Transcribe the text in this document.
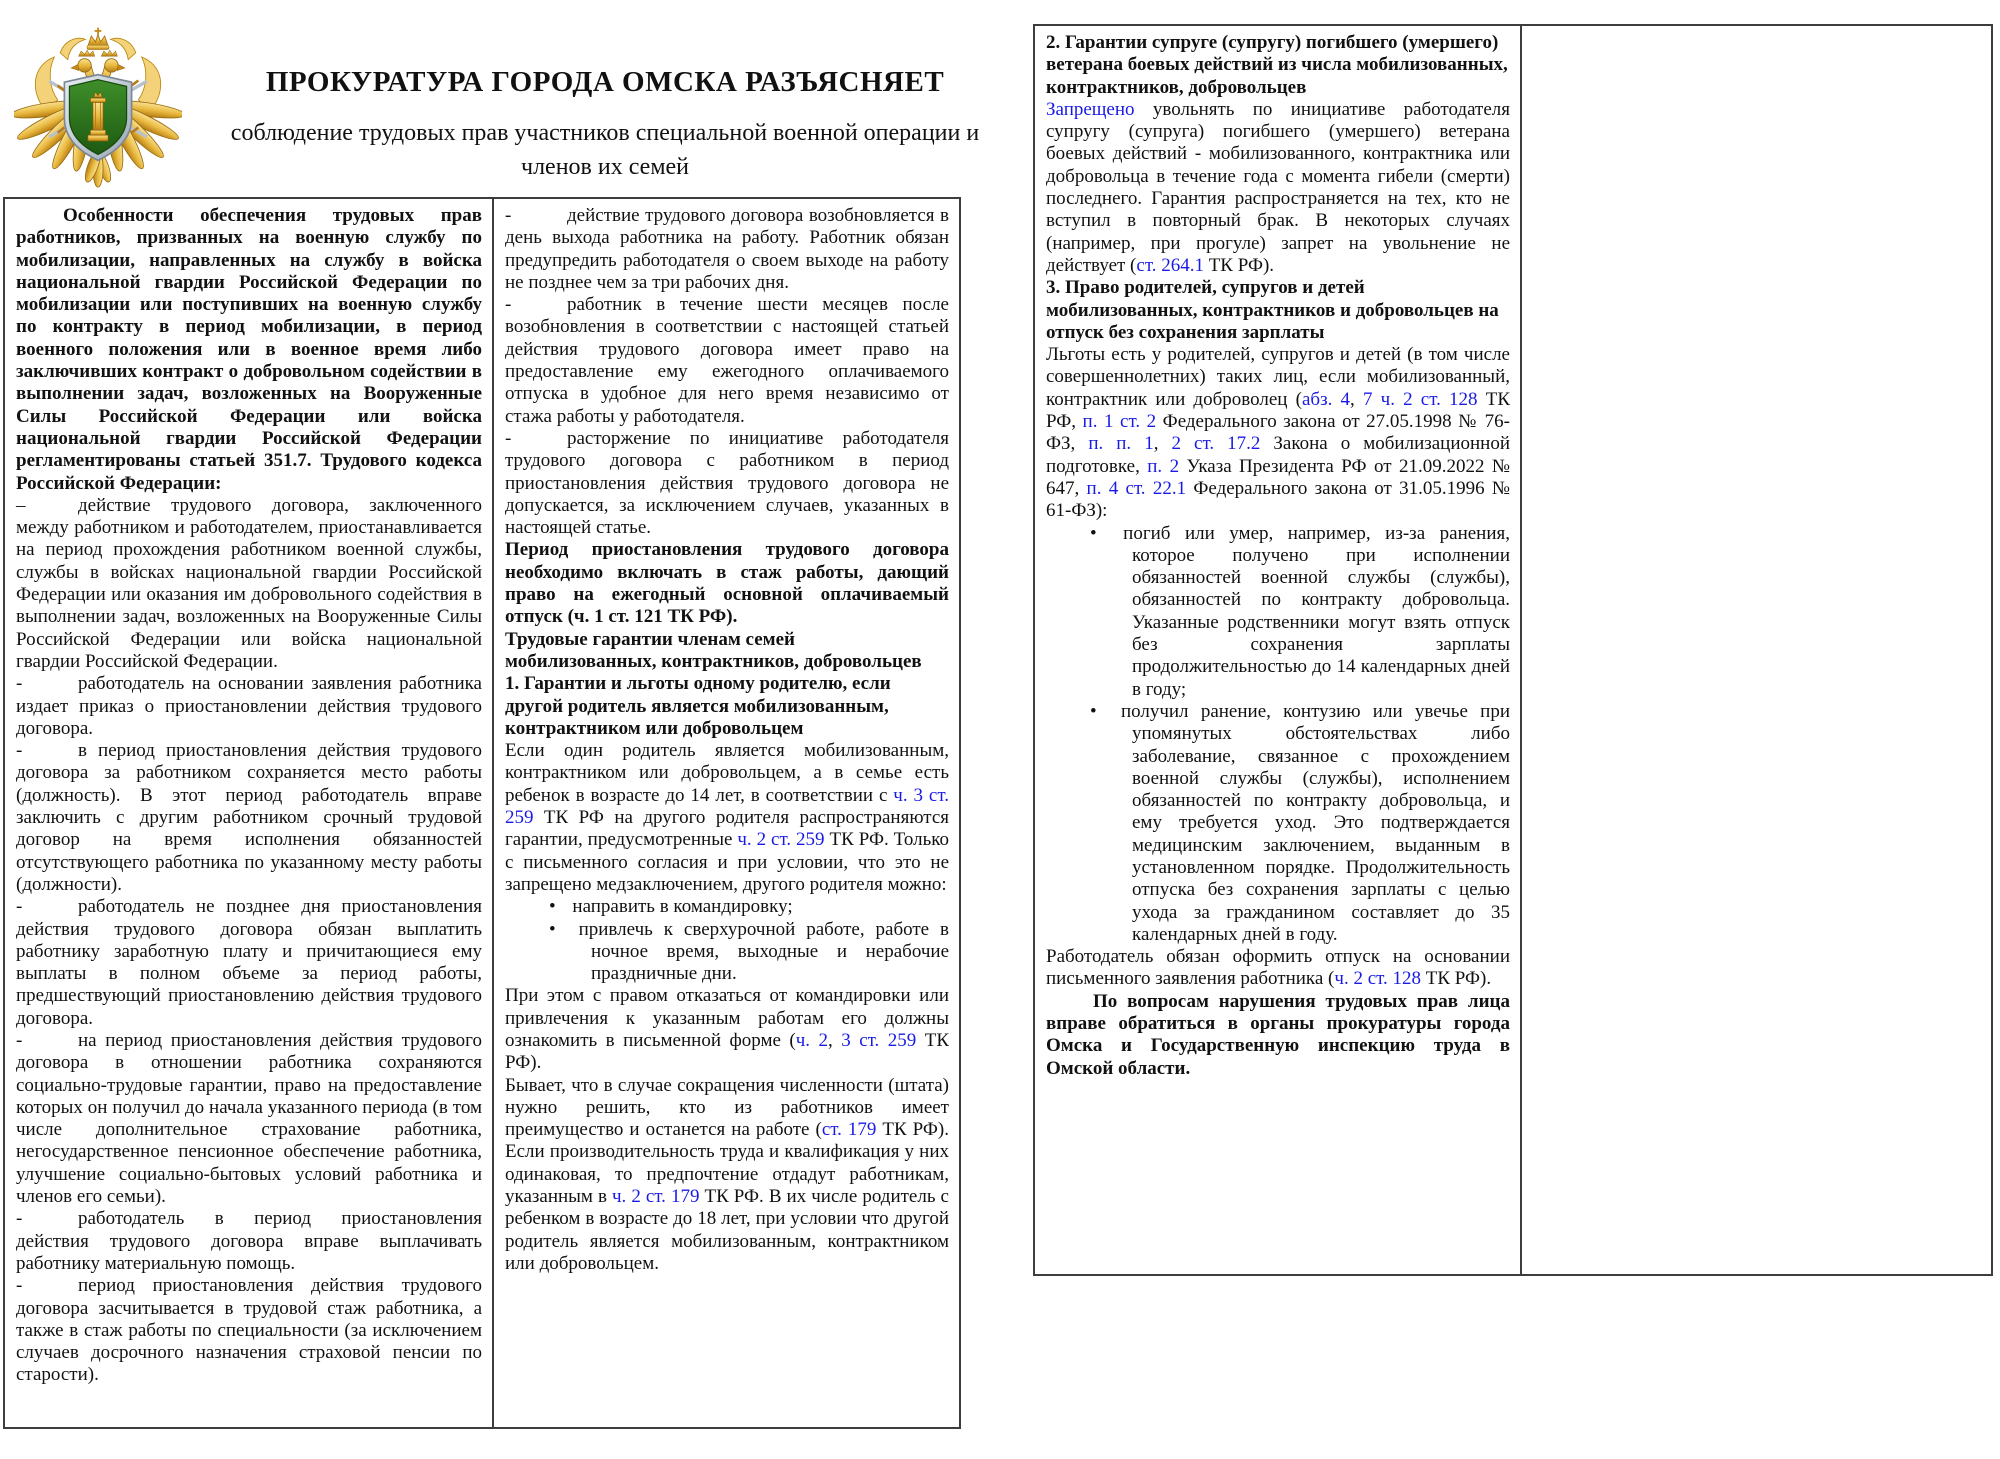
ПРОКУРАТУРА ГОРОДА ОМСКА РАЗЪЯСНЯЕТ
соблюдение трудовых прав участников специальной военной операции и
членов их семей
Особенности обеспечения трудовых прав работников, призванных на военную службу по мобилизации, направленных на службу в войска национальной гвардии Российской Федерации по мобилизации или поступивших на военную службу по контракту в период мобилизации, в период военного положения или в военное время либо заключивших контракт о добровольном содействии в выполнении задач, возложенных на Вооруженные Силы Российской Федерации или войска национальной гвардии Российской Федерации регламентированы статьей 351.7. Трудового кодекса Российской Федерации:
–	действие трудового договора, заключенного между работником и работодателем, приостанавливается на период прохождения работником военной службы, службы в войсках национальной гвардии Российской Федерации или оказания им добровольного содействия в выполнении задач, возложенных на Вооруженные Силы Российской Федерации или войска национальной гвардии Российской Федерации.
-	работодатель на основании заявления работника издает приказ о приостановлении действия трудового договора.
-	в период приостановления действия трудового договора за работником сохраняется место работы (должность). В этот период работодатель вправе заключить с другим работником срочный трудовой договор на время исполнения обязанностей отсутствующего работника по указанному месту работы (должности).
-	работодатель не позднее дня приостановления действия трудового договора обязан выплатить работнику заработную плату и причитающиеся ему выплаты в полном объеме за период работы, предшествующий приостановлению действия трудового договора.
-	на период приостановления действия трудового договора в отношении работника сохраняются социально-трудовые гарантии, право на предоставление которых он получил до начала указанного периода (в том числе дополнительное страхование работника, негосударственное пенсионное обеспечение работника, улучшение социально-бытовых условий работника и членов его семьи).
-	работодатель в период приостановления действия трудового договора вправе выплачивать работнику материальную помощь.
-	период приостановления действия трудового договора засчитывается в трудовой стаж работника, а также в стаж работы по специальности (за исключением случаев досрочного назначения страховой пенсии по старости).
-	действие трудового договора возобновляется в день выхода работника на работу. Работник обязан предупредить работодателя о своем выходе на работу не позднее чем за три рабочих дня.
-	работник в течение шести месяцев после возобновления в соответствии с настоящей статьей действия трудового договора имеет право на предоставление ему ежегодного оплачиваемого отпуска в удобное для него время независимо от стажа работы у работодателя.
-	расторжение по инициативе работодателя трудового договора с работником в период приостановления действия трудового договора не допускается, за исключением случаев, указанных в настоящей статье.
Период приостановления трудового договора необходимо включать в стаж работы, дающий право на ежегодный основной оплачиваемый отпуск (ч. 1 ст. 121 ТК РФ).
Трудовые гарантии членам семей мобилизованных, контрактников, добровольцев
1. Гарантии и льготы одному родителю, если другой родитель является мобилизованным, контрактником или добровольцем
Если один родитель является мобилизованным, контрактником или добровольцем, а в семье есть ребенок в возрасте до 14 лет, в соответствии с ч. 3 ст. 259 ТК РФ на другого родителя распространяются гарантии, предусмотренные ч. 2 ст. 259 ТК РФ. Только с письменного согласия и при условии, что это не запрещено медзаключением, другого родителя можно:
• направить в командировку;
• привлечь к сверхурочной работе, работе в ночное время, выходные и нерабочие праздничные дни.
При этом с правом отказаться от командировки или привлечения к указанным работам его должны ознакомить в письменной форме (ч. 2, 3 ст. 259 ТК РФ).
Бывает, что в случае сокращения численности (штата) нужно решить, кто из работников имеет преимущество и останется на работе (ст. 179 ТК РФ). Если производительность труда и квалификация у них одинаковая, то предпочтение отдадут работникам, указанным в ч. 2 ст. 179 ТК РФ. В их числе родитель с ребенком в возрасте до 18 лет, при условии что другой родитель является мобилизованным, контрактником или добровольцем.
2. Гарантии супруге (супругу) погибшего (умершего) ветерана боевых действий из числа мобилизованных, контрактников, добровольцев
Запрещено увольнять по инициативе работодателя супругу (супруга) погибшего (умершего) ветерана боевых действий - мобилизованного, контрактника или добровольца в течение года с момента гибели (смерти) последнего. Гарантия распространяется на тех, кто не вступил в повторный брак. В некоторых случаях (например, при прогуле) запрет на увольнение не действует (ст. 264.1 ТК РФ).
3. Право родителей, супругов и детей мобилизованных, контрактников и добровольцев на отпуск без сохранения зарплаты
Льготы есть у родителей, супругов и детей (в том числе совершеннолетних) таких лиц, если мобилизованный, контрактник или доброволец (абз. 4, 7 ч. 2 ст. 128 ТК РФ, п. 1 ст. 2 Федерального закона от 27.05.1998 № 76-ФЗ, п. п. 1, 2 ст. 17.2 Закона о мобилизационной подготовке, п. 2 Указа Президента РФ от 21.09.2022 № 647, п. 4 ст. 22.1 Федерального закона от 31.05.1996 № 61-ФЗ):
• погиб или умер, например, из-за ранения, которое получено при исполнении обязанностей военной службы (службы), обязанностей по контракту добровольца. Указанные родственники могут взять отпуск без сохранения зарплаты продолжительностью до 14 календарных дней в году;
• получил ранение, контузию или увечье при упомянутых обстоятельствах либо заболевание, связанное с прохождением военной службы (службы), исполнением обязанностей по контракту добровольца, и ему требуется уход. Это подтверждается медицинским заключением, выданным в установленном порядке. Продолжительность отпуска без сохранения зарплаты с целью ухода за гражданином составляет до 35 календарных дней в году.
Работодатель обязан оформить отпуск на основании письменного заявления работника (ч. 2 ст. 128 ТК РФ).
По вопросам нарушения трудовых прав лица вправе обратиться в органы прокуратуры города Омска и Государственную инспекцию труда в Омской области.
